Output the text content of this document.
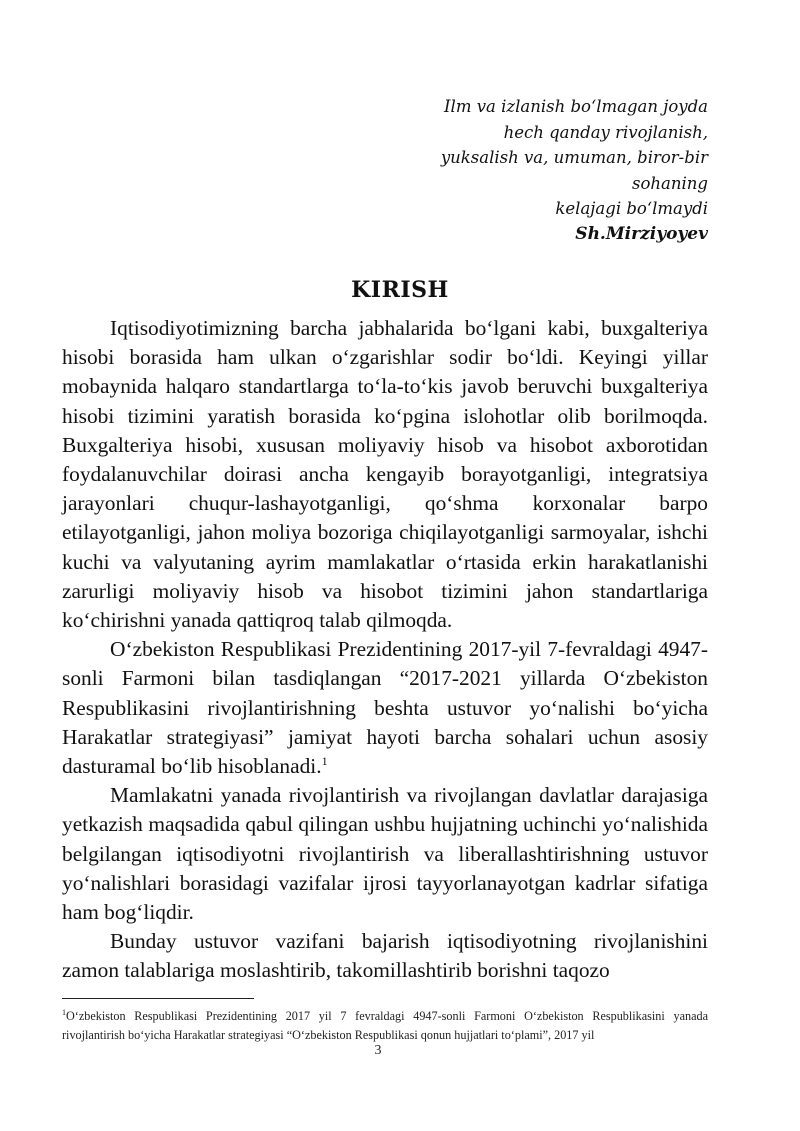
Ilm va izlanish bo‘lmagan joyda
hech qanday rivojlanish,
yuksalish va, umuman, biror-bir
sohaning
kelajagi bo‘lmaydi
Sh.Mirziyoyev
KIRISH

Iqtisodiyotimizning barcha jabhalarida bo‘lgani kabi, buxgalteriya hisobi borasida ham ulkan o‘zgarishlar sodir bo‘ldi. Keyingi yillar mobaynida halqaro standartlarga to‘la-to‘kis javob beruvchi buxgalteriya hisobi tizimini yaratish borasida ko‘pgina islohotlar olib borilmoqda. Buxgalteriya hisobi, xususan moliyaviy hisob va hisobot axborotidan foydalanuvchilar doirasi ancha kengayib borayotganligi, integratsiya jarayonlari chuqur-lashayotganligi, qo‘shma korxonalar barpo etilayotganligi, jahon moliya bozoriga chiqilayotganligi sarmoyalar, ishchi kuchi va valyutaning ayrim mamlakatlar o‘rtasida erkin harakatlanishi zarurligi moliyaviy hisob va hisobot tizimini jahon standartlariga ko‘chirishni yanada qattiqroq talab qilmoqda.

O‘zbekiston Respublikasi Prezidentining 2017-yil 7-fevraldagi 4947-sonli Farmoni bilan tasdiqlangan “2017-2021 yillarda O‘zbekiston Respublikasini rivojlantirishning beshta ustuvor yo‘nalishi bo‘yicha Harakatlar strategiyasi” jamiyat hayoti barcha sohalari uchun asosiy dasturamal bo‘lib hisoblanadi.$^1$

Mamlakatni yanada rivojlantirish va rivojlangan davlatlar darajasiga yetkazish maqsadida qabul qilingan ushbu hujjatning uchinchi yo‘nalishida belgilangan iqtisodiyotni rivojlantirish va liberallashtirishning ustuvor yo‘nalishlari borasidagi vazifalar ijrosi tayyorlanayotgan kadrlar sifatiga ham bog‘liqdir.

Bunday ustuvor vazifani bajarish iqtisodiyotning rivojlanishini zamon talablariga moslashtirib, takomillashtirib borishni taqozo

$^1$O‘zbekiston Respublikasi Prezidentining 2017 yil 7 fevraldagi 4947-sonli Farmoni O‘zbekiston Respublikasini yanada rivojlantirish bo‘yicha Harakatlar strategiyasi “O‘zbekiston Respublikasi qonun hujjatlari to‘plami”, 2017 yil
3
